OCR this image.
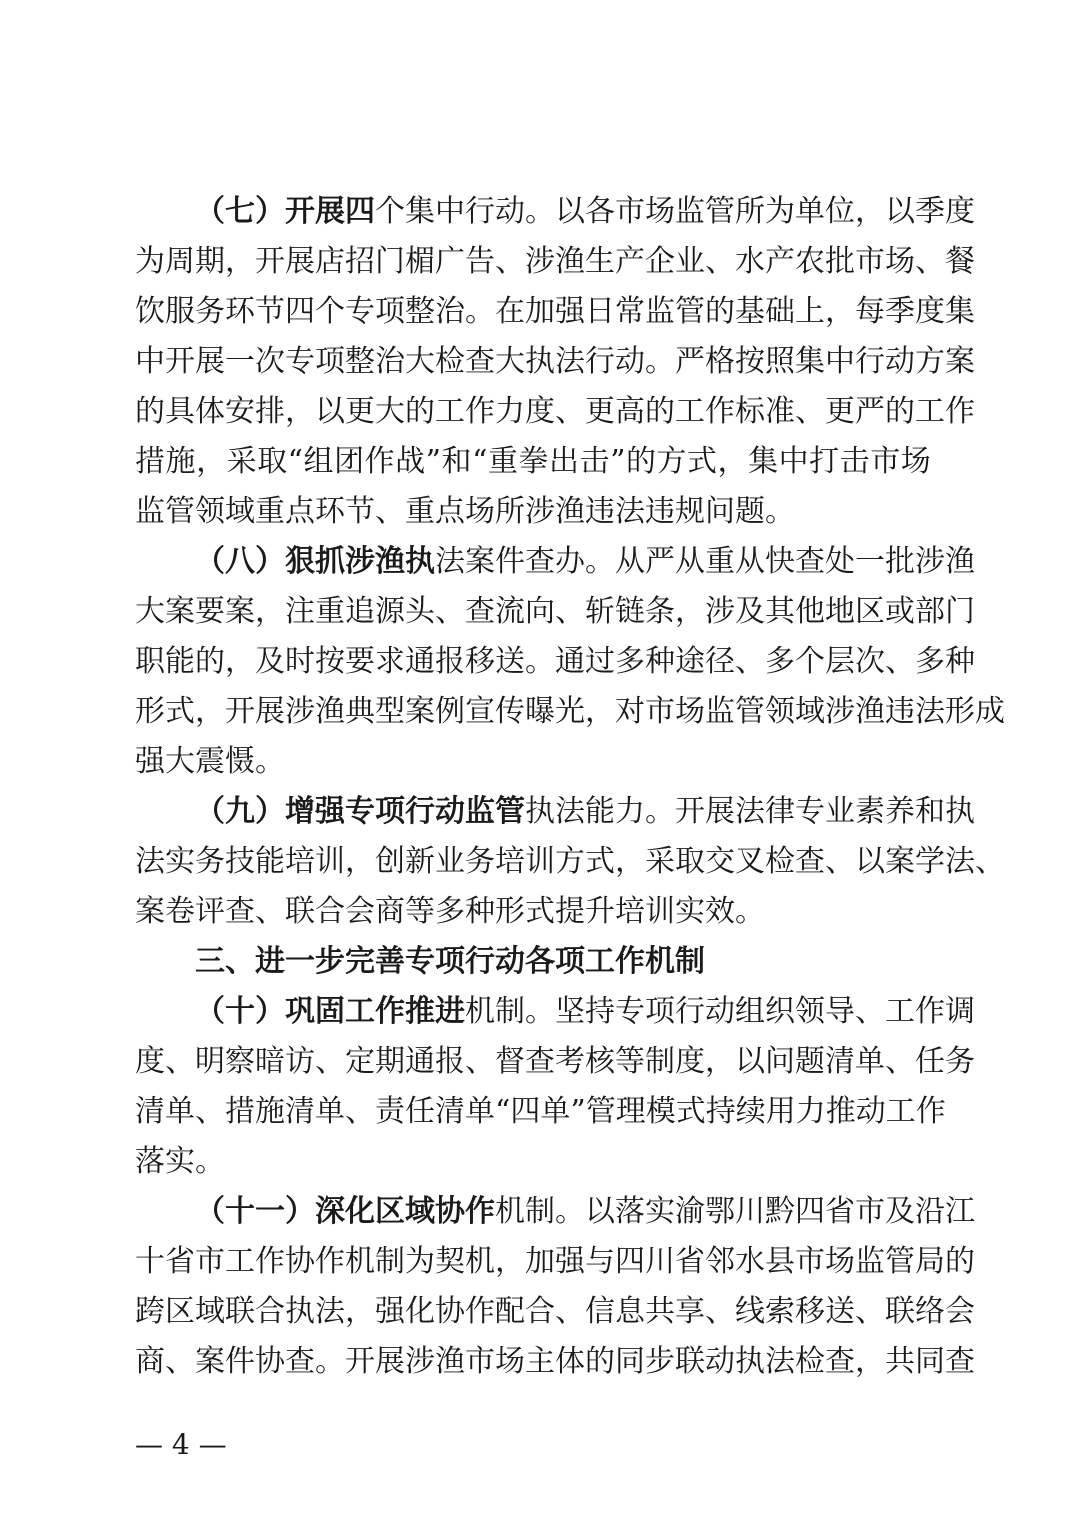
（ 七 ） 开 展 四 个 集 中 行 动 。 以 各 市 场 监 管 所 为 单 位 ， 以 季 度
为 周 期 ， 开 展 店 招 门 楣 广 告 、 涉 渔 生 产 企 业 、 水 产 农 批 市 场 、 餐
饮 服 务 环 节 四 个 专 项 整 治 。 在 加 强 日 常 监 管 的 基 础 上 ， 每 季 度 集
中 开 展 一 次 专 项 整 治 大 检 查 大 执 法 行 动 。 严 格 按 照 集 中 行 动 方 案
的 具 体 安 排 ， 以 更 大 的 工 作 力 度 、 更 高 的 工 作 标 准 、 更 严 的 工 作
措 施 ， 采 取 “ 组 团 作 战 ” 和 “ 重 拳 出 击 ” 的 方 式 ， 集 中 打 击 市 场
监管领域重点环节、重点场所涉渔违法违规问题。
（ 八 ） 狠 抓 涉 渔 执 法 案 件 查 办 。 从 严 从 重 从 快 查 处 一 批 涉 渔
大 案 要 案 ， 注 重 追 源 头 、 查 流 向 、 斩 链 条 ， 涉 及 其 他 地 区 或 部 门
职 能 的 ， 及 时 按 要 求 通 报 移 送 。 通 过 多 种 途 径 、 多 个 层 次 、 多 种
形 式 ， 开 展 涉 渔 典 型 案 例 宣 传 曝 光 ， 对 市 场 监 管 领 域 涉 渔 违 法 形 成
强大震慑。
（ 九 ） 增 强 专 项 行 动 监 管 执 法 能 力 。 开 展 法 律 专 业 素 养 和 执
法 实 务 技 能 培 训 ， 创 新 业 务 培 训 方 式 ， 采 取 交 叉 检 查 、 以 案 学 法 、
案卷评查、联合会商等多种形式提升培训实效。
三、进一步完善专项行动各项工作机制
（ 十 ） 巩 固 工 作 推 进 机 制 。 坚 持 专 项 行 动 组 织 领 导 、 工 作 调
度 、 明 察 暗 访 、 定 期 通 报 、 督 查 考 核 等 制 度 ， 以 问 题 清 单 、 任 务
清 单 、 措 施 清 单 、 责 任 清 单 “ 四 单 ” 管 理 模 式 持 续 用 力 推 动 工 作
落实。
（ 十 一 ） 深 化 区 域 协 作 机 制 。 以 落 实 渝 鄂 川 黔 四 省 市 及 沿 江
十 省 市 工 作 协 作 机 制 为 契 机 ， 加 强 与 四 川 省 邻 水 县 市 场 监 管 局 的
跨 区 域 联 合 执 法 ， 强 化 协 作 配 合 、 信 息 共 享 、 线 索 移 送 、 联 络 会
商 、 案 件 协 查 。 开 展 涉 渔 市 场 主 体 的 同 步 联 动 执 法 检 查 ， 共 同 查
— 4 —
